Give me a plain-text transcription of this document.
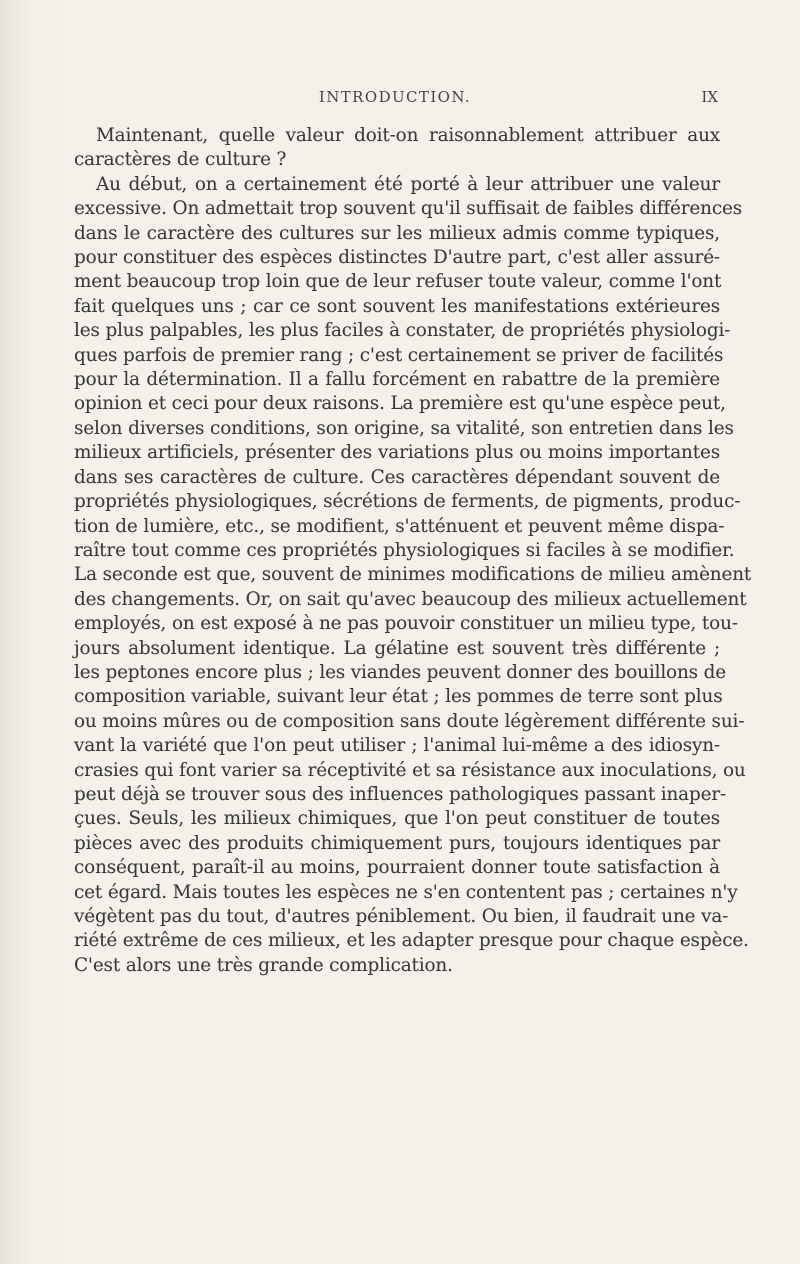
INTRODUCTION.	IX
Maintenant, quelle valeur doit-on raisonnablement attribuer aux
caractères de culture ?
Au début, on a certainement été porté à leur attribuer une valeur
excessive. On admettait trop souvent qu'il suffisait de faibles différences
dans le caractère des cultures sur les milieux admis comme typiques,
pour constituer des espèces distinctes D'autre part, c'est aller assuré-
ment beaucoup trop loin que de leur refuser toute valeur, comme l'ont
fait quelques uns ; car ce sont souvent les manifestations extérieures
les plus palpables, les plus faciles à constater, de propriétés physiologi-
ques parfois de premier rang ; c'est certainement se priver de facilités
pour la détermination. Il a fallu forcément en rabattre de la première
opinion et ceci pour deux raisons. La première est qu'une espèce peut,
selon diverses conditions, son origine, sa vitalité, son entretien dans les
milieux artificiels, présenter des variations plus ou moins importantes
dans ses caractères de culture. Ces caractères dépendant souvent de
propriétés physiologiques, sécrétions de ferments, de pigments, produc-
tion de lumière, etc., se modifient, s'atténuent et peuvent même dispa-
raître tout comme ces propriétés physiologiques si faciles à se modifier.
La seconde est que, souvent de minimes modifications de milieu amènent
des changements. Or, on sait qu'avec beaucoup des milieux actuellement
employés, on est exposé à ne pas pouvoir constituer un milieu type, tou-
jours absolument identique. La gélatine est souvent très différente ;
les peptones encore plus ; les viandes peuvent donner des bouillons de
composition variable, suivant leur état ; les pommes de terre sont plus
ou moins mûres ou de composition sans doute légèrement différente sui-
vant la variété que l'on peut utiliser ; l'animal lui-même a des idiosyn-
crasies qui font varier sa réceptivité et sa résistance aux inoculations, ou
peut déjà se trouver sous des influences pathologiques passant inaper-
çues. Seuls, les milieux chimiques, que l'on peut constituer de toutes
pièces avec des produits chimiquement purs, toujours identiques par
conséquent, paraît-il au moins, pourraient donner toute satisfaction à
cet égard. Mais toutes les espèces ne s'en contentent pas ; certaines n'y
végètent pas du tout, d'autres péniblement. Ou bien, il faudrait une va-
riété extrême de ces milieux, et les adapter presque pour chaque espèce.
C'est alors une très grande complication.
